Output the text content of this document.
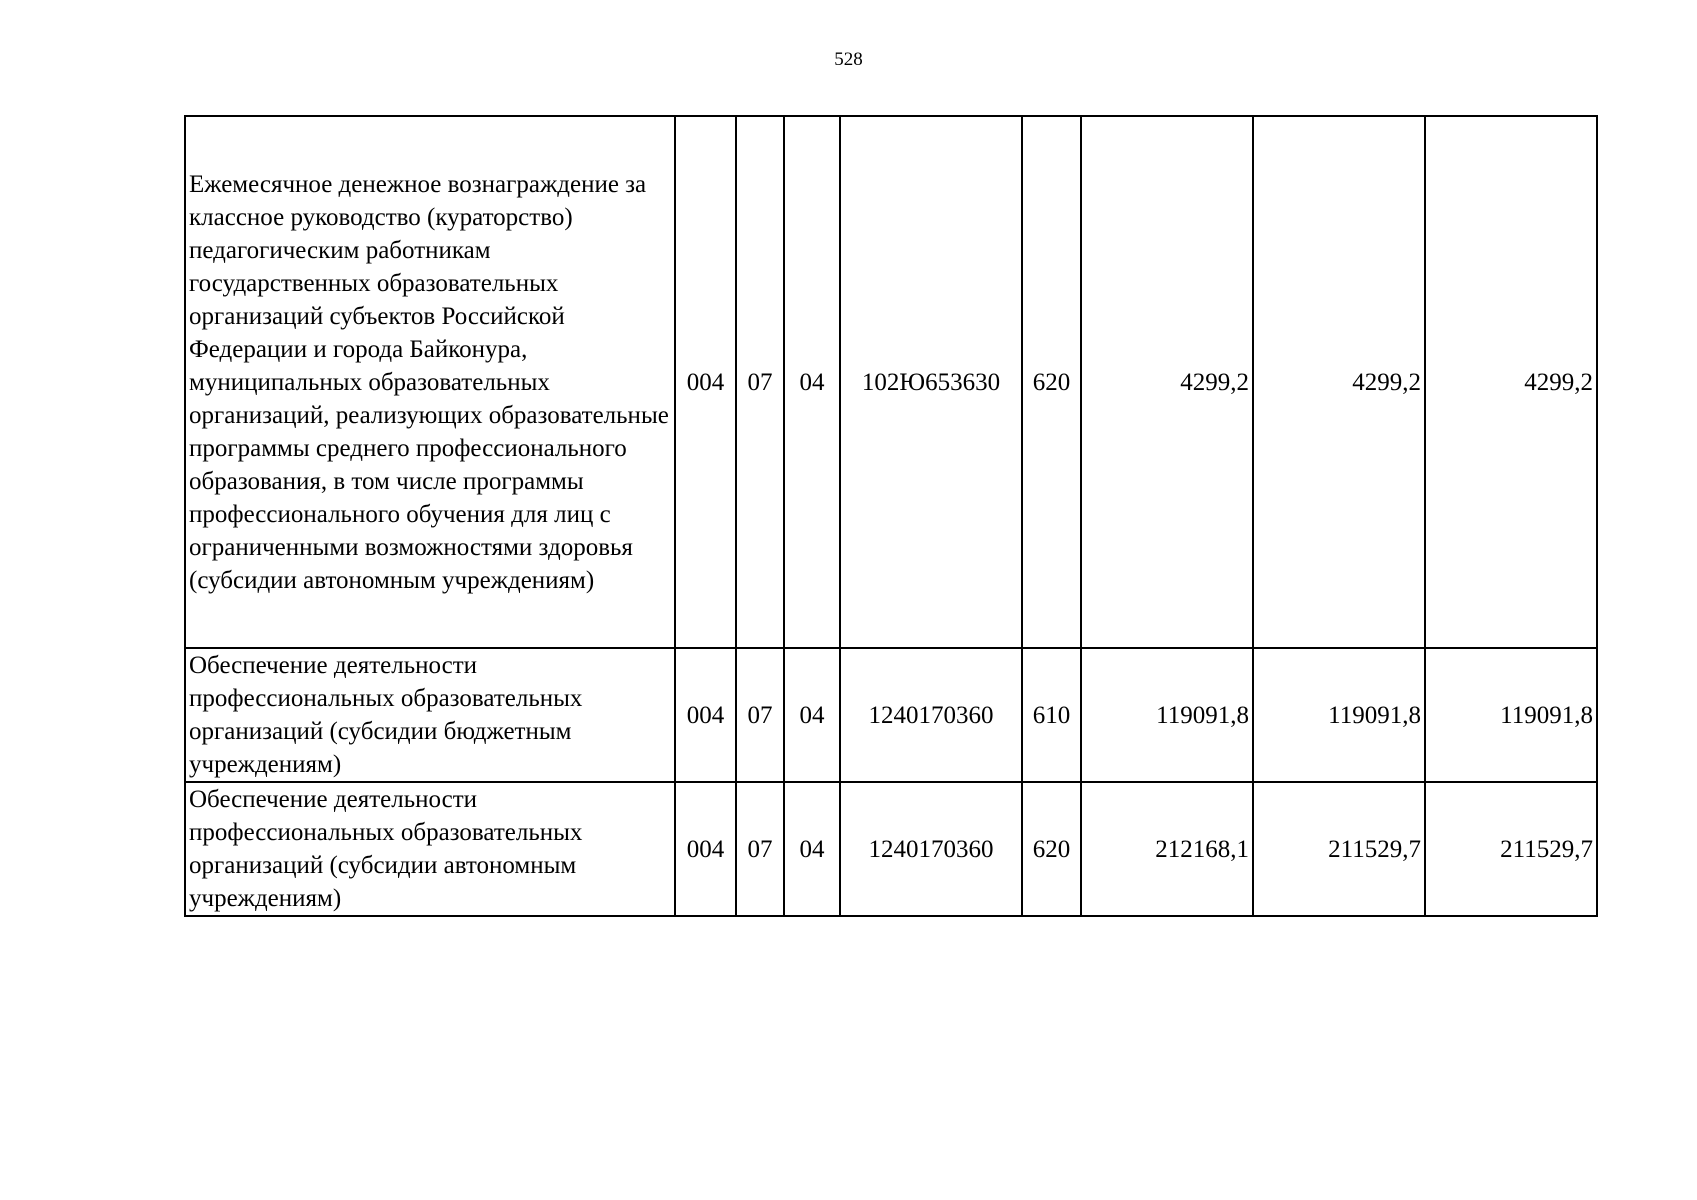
528
Ежемесячное денежное вознаграждение за классное руководство (кураторство) педагогическим работникам государственных образовательных организаций субъектов Российской Федерации и города Байконура, муниципальных образовательных организаций, реализующих образовательные программы среднего профессионального образования, в том числе программы профессионального обучения для лиц с ограниченными возможностями здоровья (субсидии автономным учреждениям)	004	07	04	102Ю653630	620	4299,2	4299,2	4299,2
Обеспечение деятельности профессиональных образовательных организаций (субсидии бюджетным учреждениям)	004	07	04	1240170360	610	119091,8	119091,8	119091,8
Обеспечение деятельности профессиональных образовательных организаций (субсидии автономным учреждениям)	004	07	04	1240170360	620	212168,1	211529,7	211529,7
